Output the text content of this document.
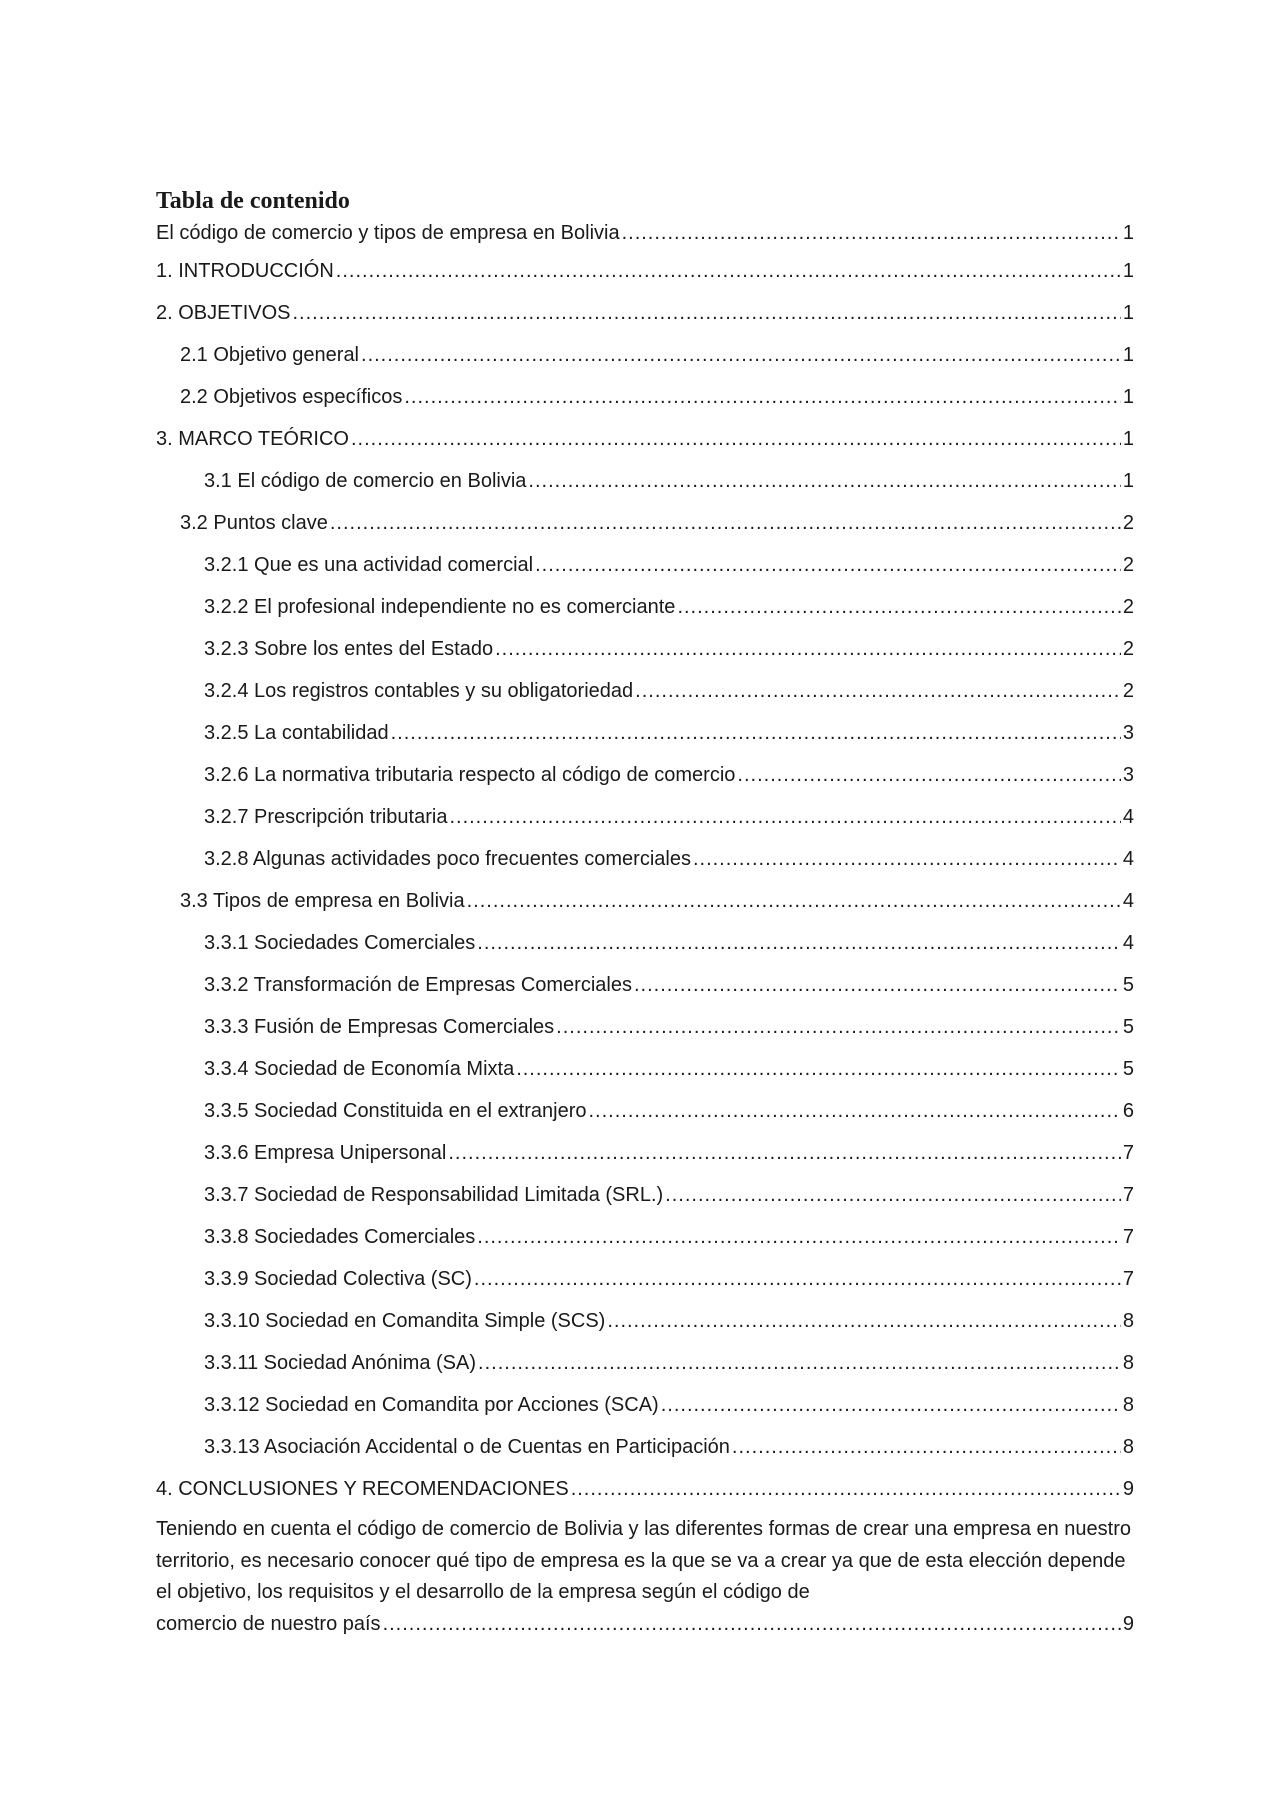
Tabla de contenido
El código de comercio y tipos de empresa en Bolivia .....	1
1. INTRODUCCIÓN .....	1
2. OBJETIVOS .....	1
2.1 Objetivo general .....	1
2.2 Objetivos específicos .....	1
3. MARCO TEÓRICO .....	1
3.1 El código de comercio en Bolivia .....	1
3.2 Puntos clave .....	2
3.2.1 Que es una actividad comercial .....	2
3.2.2 El profesional independiente no es comerciante .....	2
3.2.3 Sobre los entes del Estado .....	2
3.2.4 Los registros contables y su obligatoriedad .....	2
3.2.5 La contabilidad .....	3
3.2.6 La normativa tributaria respecto al código de comercio .....	3
3.2.7 Prescripción tributaria .....	4
3.2.8 Algunas actividades poco frecuentes comerciales .....	4
3.3 Tipos de empresa en Bolivia .....	4
3.3.1 Sociedades Comerciales .....	4
3.3.2 Transformación de Empresas Comerciales .....	5
3.3.3 Fusión de Empresas Comerciales .....	5
3.3.4 Sociedad de Economía Mixta .....	5
3.3.5 Sociedad Constituida en el extranjero .....	6
3.3.6 Empresa Unipersonal .....	7
3.3.7 Sociedad de Responsabilidad Limitada (SRL.) .....	7
3.3.8 Sociedades Comerciales .....	7
3.3.9 Sociedad Colectiva (SC) .....	7
3.3.10 Sociedad en Comandita Simple (SCS) .....	8
3.3.11 Sociedad Anónima (SA) .....	8
3.3.12 Sociedad en Comandita por Acciones (SCA) .....	8
3.3.13 Asociación Accidental o de Cuentas en Participación .....	8
4. CONCLUSIONES Y RECOMENDACIONES .....	9
Teniendo en cuenta el código de comercio de Bolivia y las diferentes formas de crear una empresa en nuestro territorio, es necesario conocer qué tipo de empresa es la que se va a crear ya que de esta elección depende el objetivo, los requisitos y el desarrollo de la empresa según el código de
comercio de nuestro país .....	9
